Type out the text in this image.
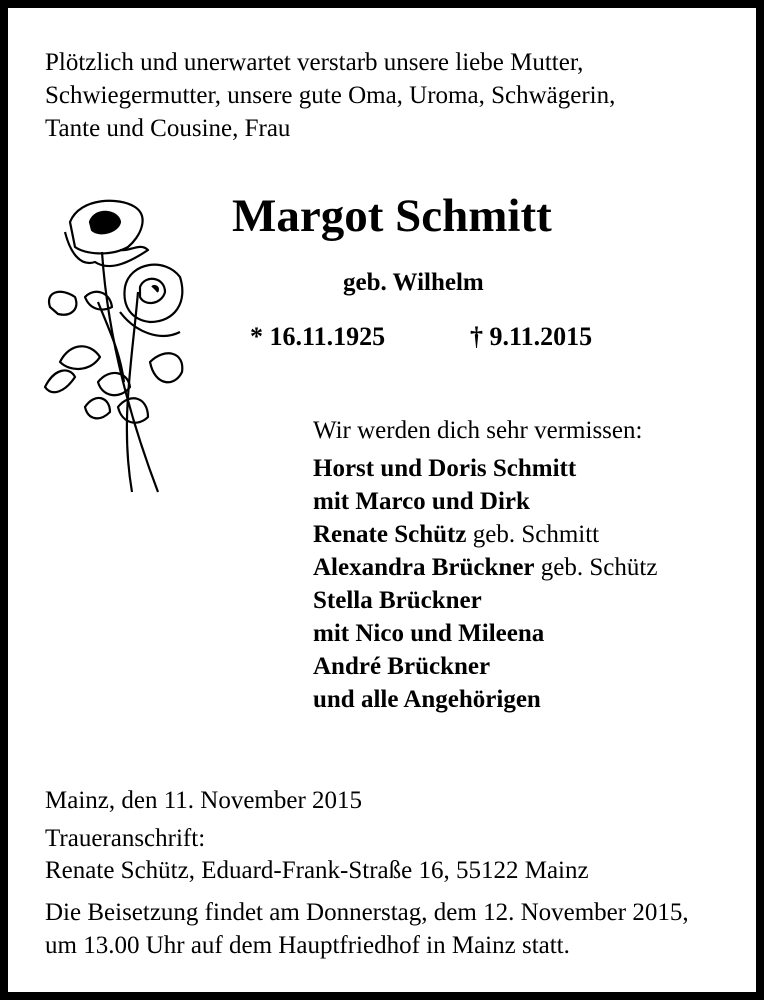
Plötzlich und unerwartet verstarb unsere liebe Mutter,
Schwiegermutter, unsere gute Oma, Uroma, Schwägerin,
Tante und Cousine, Frau
Margot Schmitt
geb. Wilhelm
* 16.11.1925	† 9.11.2015
Wir werden dich sehr vermissen:
Horst und Doris Schmitt
mit Marco und Dirk
Renate Schütz geb. Schmitt
Alexandra Brückner geb. Schütz
Stella Brückner
mit Nico und Mileena
André Brückner
und alle Angehörigen
Mainz, den 11. November 2015
Traueranschrift:
Renate Schütz, Eduard-Frank-Straße 16, 55122 Mainz
Die Beisetzung findet am Donnerstag, dem 12. November 2015,
um 13.00 Uhr auf dem Hauptfriedhof in Mainz statt.
